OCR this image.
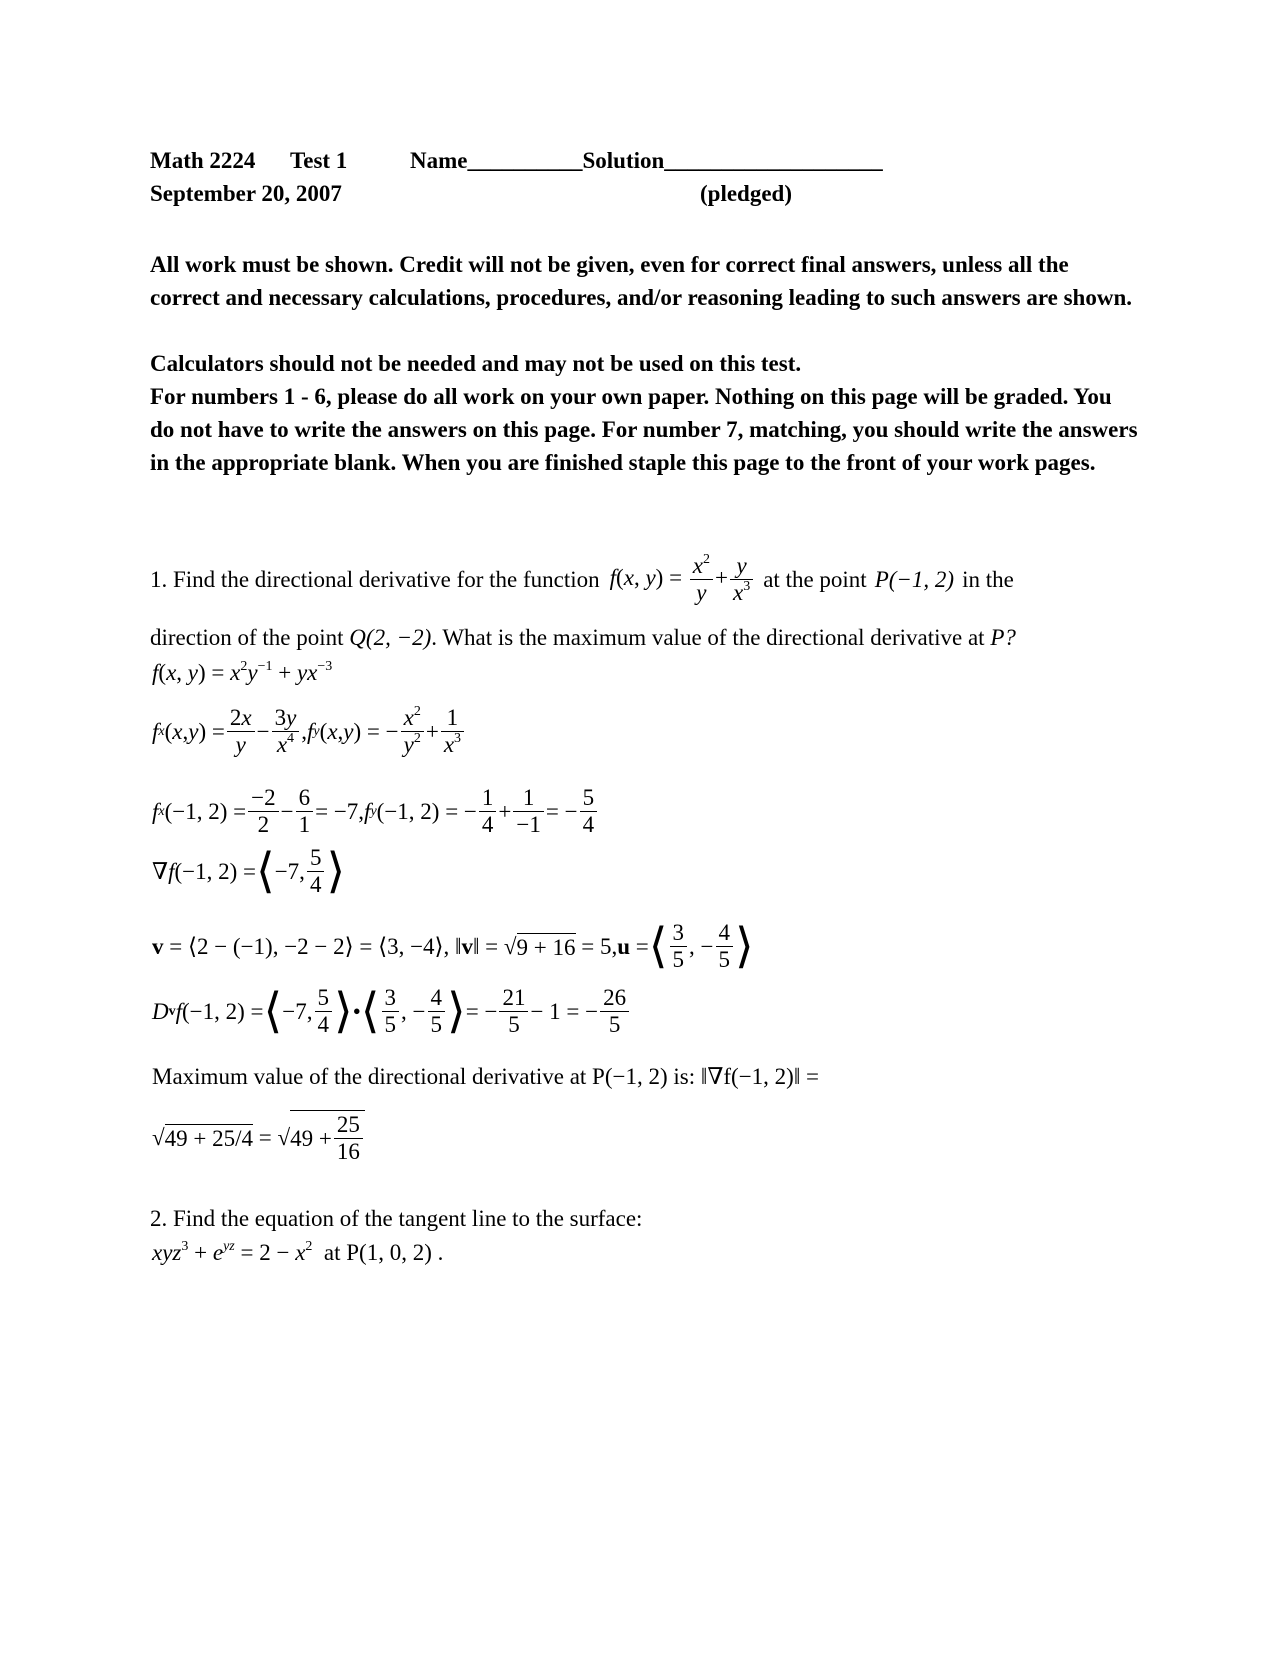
Math 2224 Test 1	Name__________Solution___________________
September 20, 2007	(pledged)
All work must be shown. Credit will not be given, even for correct final answers, unless all the correct and necessary calculations, procedures, and/or reasoning leading to such answers are shown.
Calculators should not be needed and may not be used on this test.
For numbers 1 - 6, please do all work on your own paper. Nothing on this page will be graded. You do not have to write the answers on this page. For number 7, matching, you should write the answers in the appropriate blank. When you are finished staple this page to the front of your work pages.
1. Find the directional derivative for the function f(x, $y) = \frac{x^2}{y} + \frac{y}{x^3}$ at the point P(−1, 2) in the
direction of the point Q(2, −2). What is the maximum value of the directional derivative at P?
f(x, $y) = x^2y^{-1} + yx^{-3}$
f x ( x , y ) = $\frac{2x}{y} - \frac{3y}{x^4}$ , f y ( x , y ) = − $\frac{x^2}{y^2} + \frac{1}{x^3}$
f x (−1, $2) = \frac{-2}{2} - \frac{6}{1} = -7$, f y (−1, 2) = − $\frac{1}{4} + \frac{1}{-1}$ = − $\frac{5}{4}$
∇ f (−1, 2) = ⟨ −7, $\frac{5}{4}$ ⟩
v = ⟨2 − (−1), −2 − 2⟩ = ⟨3, −4⟩, ‖ v ‖ = √ 9 + 16 = 5, u = ⟨ $\frac{3}{5}$ , − $\frac{4}{5}$ ⟩
D v f (−1, 2) = ⟨ −7, $\frac{5}{4}$ ⟩ • ⟨ $\frac{3}{5}$ , − $\frac{4}{5}$ ⟩ = − $\frac{21}{5} - 1$ = − $\frac{26}{5}$
Maximum value of the directional derivative at P(−1, 2) is: ‖∇f(−1, 2)‖ =
√ 49 + 25/4 = √ $49 + \frac{25}{16}$
2. Find the equation of the tangent line to the surface:
$xyz^3 + e^{yz} = 2 - x^2$ at P(1, 0, 2) .
